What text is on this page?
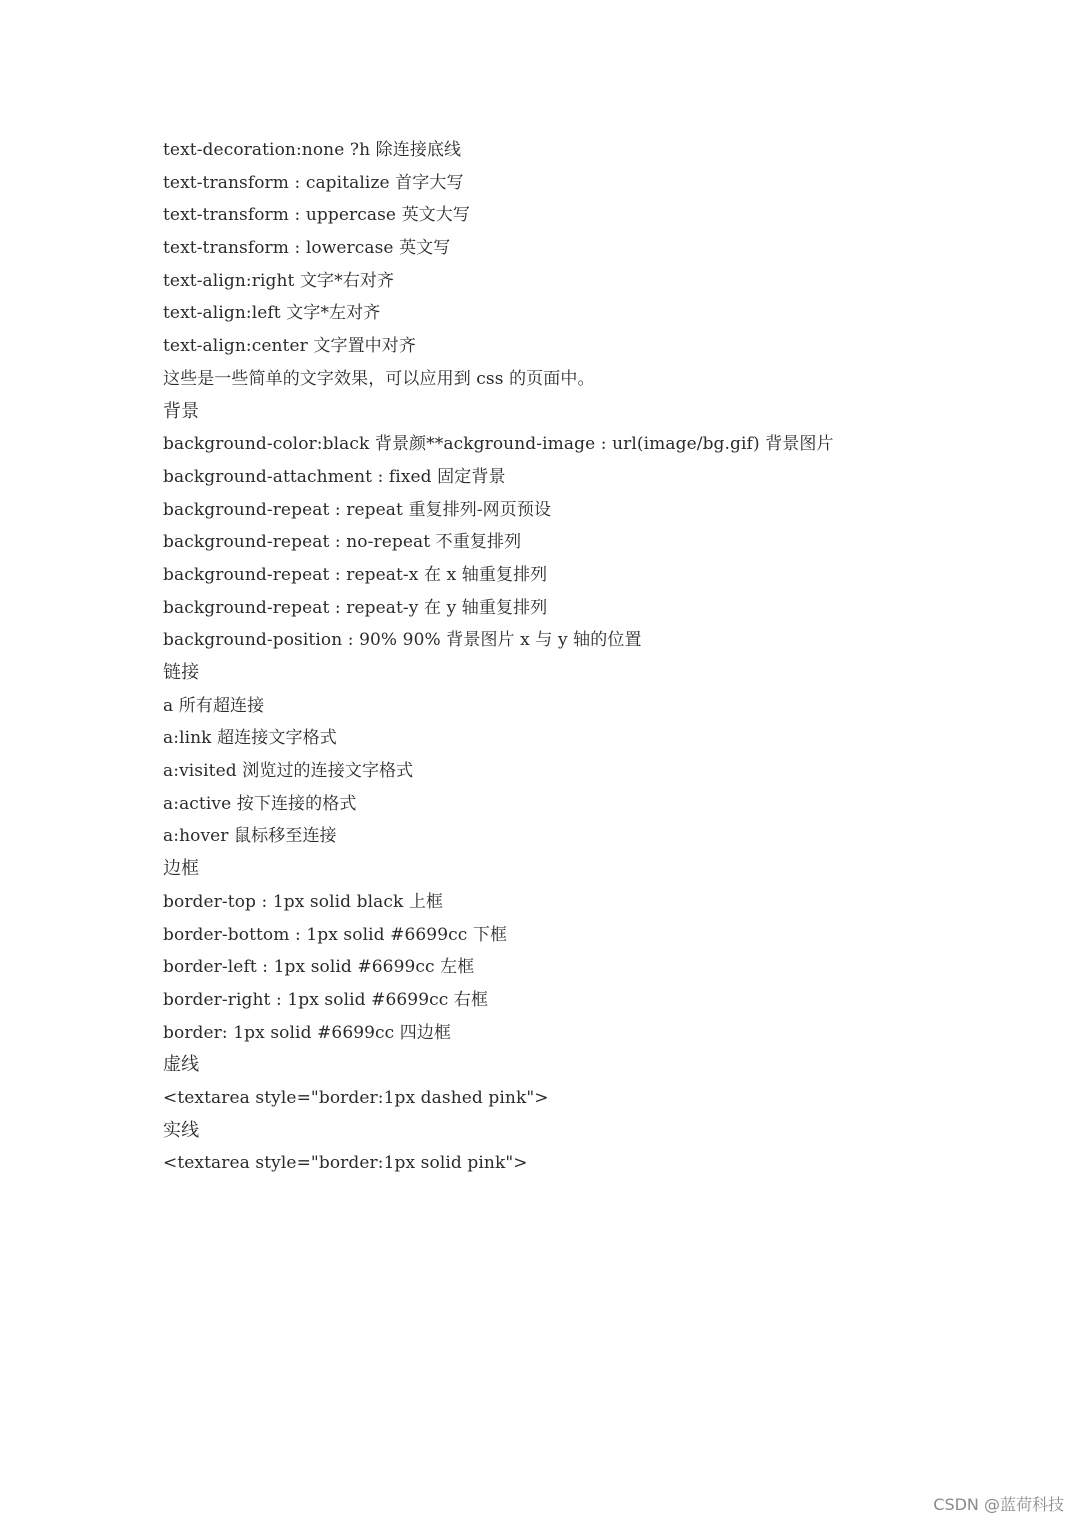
text-decoration:none ?h 除连接底线
text-transform : capitalize 首字大写
text-transform : uppercase 英文大写
text-transform : lowercase 英文写
text-align:right 文字*右对齐
text-align:left 文字*左对齐
text-align:center 文字置中对齐
这些是一些简单的文字效果，可以应用到 css 的页面中。
背景
background-color:black 背景颜**ackground-image : url(image/bg.gif) 背景图片
background-attachment : fixed 固定背景
background-repeat : repeat 重复排列-网页预设
background-repeat : no-repeat 不重复排列
background-repeat : repeat-x 在 x 轴重复排列
background-repeat : repeat-y 在 y 轴重复排列
background-position : 90% 90% 背景图片 x 与 y 轴的位置
链接
a 所有超连接
a:link 超连接文字格式
a:visited 浏览过的连接文字格式
a:active 按下连接的格式
a:hover 鼠标移至连接
边框
border-top : 1px solid black 上框
border-bottom : 1px solid #6699cc 下框
border-left : 1px solid #6699cc 左框
border-right : 1px solid #6699cc 右框
border: 1px solid #6699cc 四边框
虚线
<textarea style="border:1px dashed pink">
实线
<textarea style="border:1px solid pink">
CSDN @蓝荷科技
